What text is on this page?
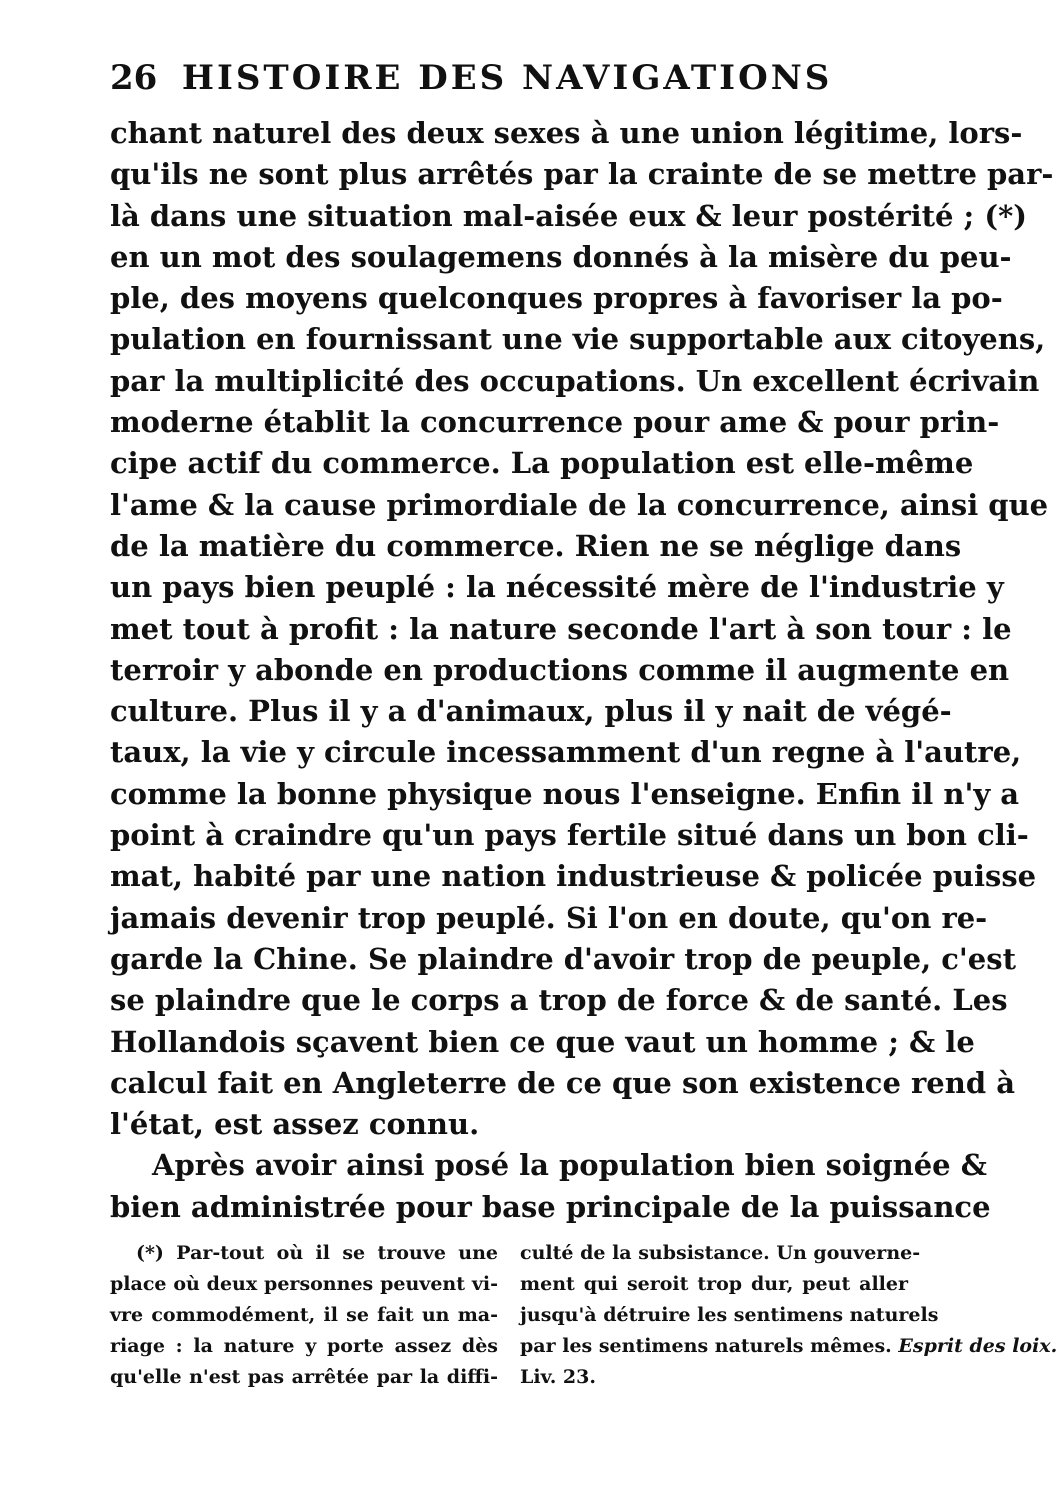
26 HISTOIRE DES NAVIGATIONS
chant naturel des deux sexes à une union légitime, lors-
qu'ils ne sont plus arrêtés par la crainte de se mettre par-
là dans une situation mal-aisée eux & leur postérité ; (*)
en un mot des soulagemens donnés à la misère du peu-
ple, des moyens quelconques propres à favoriser la po-
pulation en fournissant une vie supportable aux citoyens,
par la multiplicité des occupations. Un excellent écrivain
moderne établit la concurrence pour ame & pour prin-
cipe actif du commerce. La population est elle-même
l'ame & la cause primordiale de la concurrence, ainsi que
de la matière du commerce. Rien ne se néglige dans
un pays bien peuplé : la nécessité mère de l'industrie y
met tout à profit : la nature seconde l'art à son tour : le
terroir y abonde en productions comme il augmente en
culture. Plus il y a d'animaux, plus il y nait de végé-
taux, la vie y circule incessamment d'un regne à l'autre,
comme la bonne physique nous l'enseigne. Enfin il n'y a
point à craindre qu'un pays fertile situé dans un bon cli-
mat, habité par une nation industrieuse & policée puisse
jamais devenir trop peuplé. Si l'on en doute, qu'on re-
garde la Chine. Se plaindre d'avoir trop de peuple, c'est
se plaindre que le corps a trop de force & de santé. Les
Hollandois sçavent bien ce que vaut un homme ; & le
calcul fait en Angleterre de ce que son existence rend à
l'état, est assez connu.
Après avoir ainsi posé la population bien soignée &
bien administrée pour base principale de la puissance
(*) Par-tout où il se trouve une
place où deux personnes peuvent vi-
vre commodément, il se fait un ma-
riage : la nature y porte assez dès
qu'elle n'est pas arrêtée par la diffi-
culté de la subsistance. Un gouverne-
ment qui seroit trop dur, peut aller
jusqu'à détruire les sentimens naturels
par les sentimens naturels mêmes. Esprit des loix.
Liv. 23.
